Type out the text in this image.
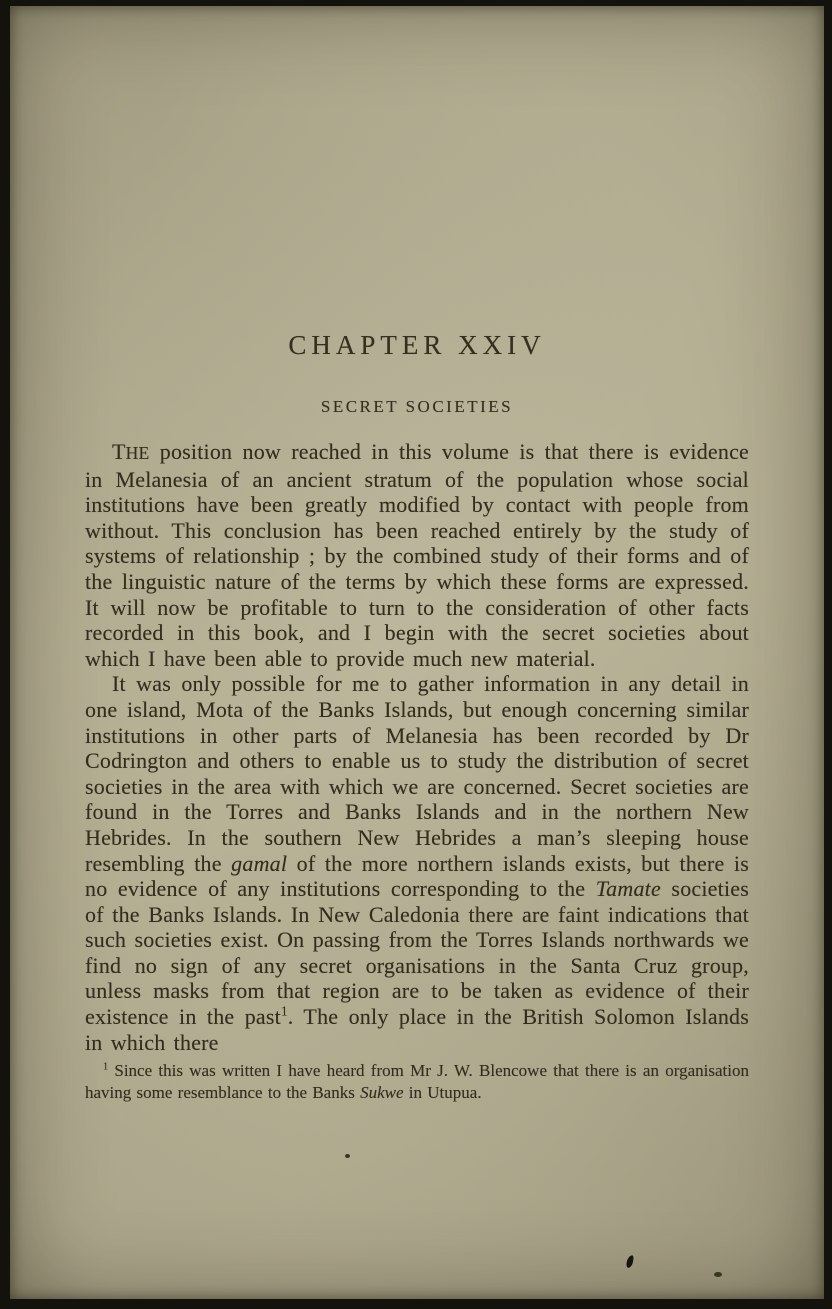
CHAPTER XXIV
SECRET SOCIETIES

THE position now reached in this volume is that there is evidence in Melanesia of an ancient stratum of the population whose social institutions have been greatly modified by contact with people from without. This conclusion has been reached entirely by the study of systems of relationship ; by the combined study of their forms and of the linguistic nature of the terms by which these forms are expressed. It will now be profitable to turn to the consideration of other facts recorded in this book, and I begin with the secret societies about which I have been able to provide much new material.

It was only possible for me to gather information in any detail in one island, Mota of the Banks Islands, but enough concerning similar institutions in other parts of Melanesia has been recorded by Dr Codrington and others to enable us to study the distribution of secret societies in the area with which we are concerned. Secret societies are found in the Torres and Banks Islands and in the northern New Hebrides. In the southern New Hebrides a man’s sleeping house resembling the gamal of the more northern islands exists, but there is no evidence of any institutions corresponding to the Tamate societies of the Banks Islands. In New Caledonia there are faint indications that such societies exist. On passing from the Torres Islands northwards we find no sign of any secret organisations in the Santa Cruz group, unless masks from that region are to be taken as evidence of their existence in the past$^1$. The only place in the British Solomon Islands in which there

$^1$ Since this was written I have heard from Mr J. W. Blencowe that there is an organisation having some resemblance to the Banks Sukwe in Utupua.
